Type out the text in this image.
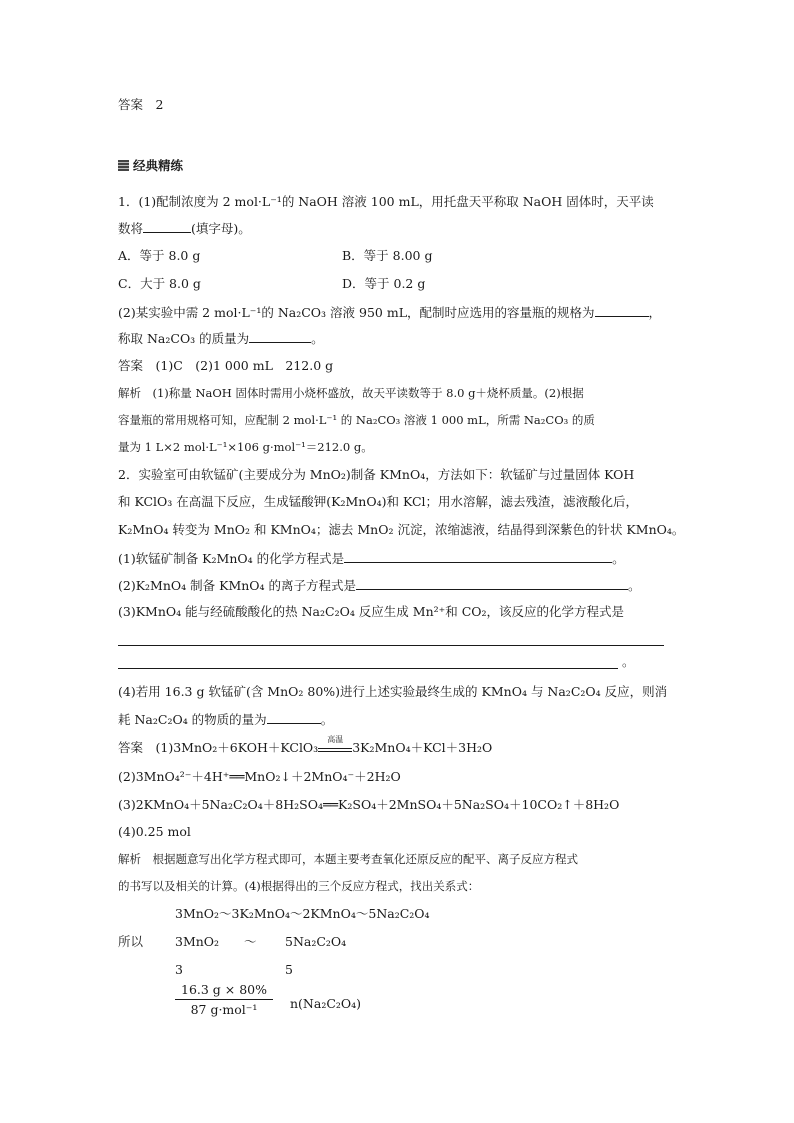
答案　2
经典精练
1．(1)配制浓度为 2 mol·L⁻¹的 NaOH 溶液 100 mL，用托盘天平称取 NaOH 固体时，天平读
数将	(填字母)。
A．等于 8.0 g	B．等于 8.00 g
C．大于 8.0 g	D．等于 0.2 g
(2)某实验中需 2 mol·L⁻¹的 Na₂CO₃ 溶液 950 mL，配制时应选用的容量瓶的规格为	，
称取 Na₂CO₃ 的质量为	。
答案　(1)C　(2)1 000 mL　212.0 g
解析　(1)称量 NaOH 固体时需用小烧杯盛放，故天平读数等于 8.0 g＋烧杯质量。(2)根据
容量瓶的常用规格可知，应配制 2 mol·L⁻¹ 的 Na₂CO₃ 溶液 1 000 mL，所需 Na₂CO₃ 的质
量为 1 L×2 mol·L⁻¹×106 g·mol⁻¹＝212.0 g。
2．实验室可由软锰矿(主要成分为 MnO₂)制备 KMnO₄，方法如下：软锰矿与过量固体 KOH
和 KClO₃ 在高温下反应，生成锰酸钾(K₂MnO₄)和 KCl；用水溶解，滤去残渣，滤液酸化后，
K₂MnO₄ 转变为 MnO₂ 和 KMnO₄；滤去 MnO₂ 沉淀，浓缩滤液，结晶得到深紫色的针状 KMnO₄。
(1)软锰矿制备 K₂MnO₄ 的化学方程式是	。
(2)K₂MnO₄ 制备 KMnO₄ 的离子方程式是	。
(3)KMnO₄ 能与经硫酸酸化的热 Na₂C₂O₄ 反应生成 Mn²⁺和 CO₂，该反应的化学方程式是
。
(4)若用 16.3 g 软锰矿(含 MnO₂ 80%)进行上述实验最终生成的 KMnO₄ 与 Na₂C₂O₄ 反应，则消
耗 Na₂C₂O₄ 的物质的量为	。
答案　(1)3MnO₂＋6KOH＋KClO₃
高温
3K₂MnO₄＋KCl＋3H₂O
(2)3MnO₄²⁻＋4H⁺══MnO₂↓＋2MnO₄⁻＋2H₂O
(3)2KMnO₄＋5Na₂C₂O₄＋8H₂SO₄══K₂SO₄＋2MnSO₄＋5Na₂SO₄＋10CO₂↑＋8H₂O
(4)0.25 mol
解析　根据题意写出化学方程式即可，本题主要考查氧化还原反应的配平、离子反应方程式
的书写以及相关的计算。(4)根据得出的三个反应方程式，找出关系式：
3MnO₂～3K₂MnO₄～2KMnO₄～5Na₂C₂O₄
所以	3MnO₂ ～ 5Na₂C₂O₄
3	5
16.3 g × 80%
87 g·mol⁻¹	n(Na₂C₂O₄)
